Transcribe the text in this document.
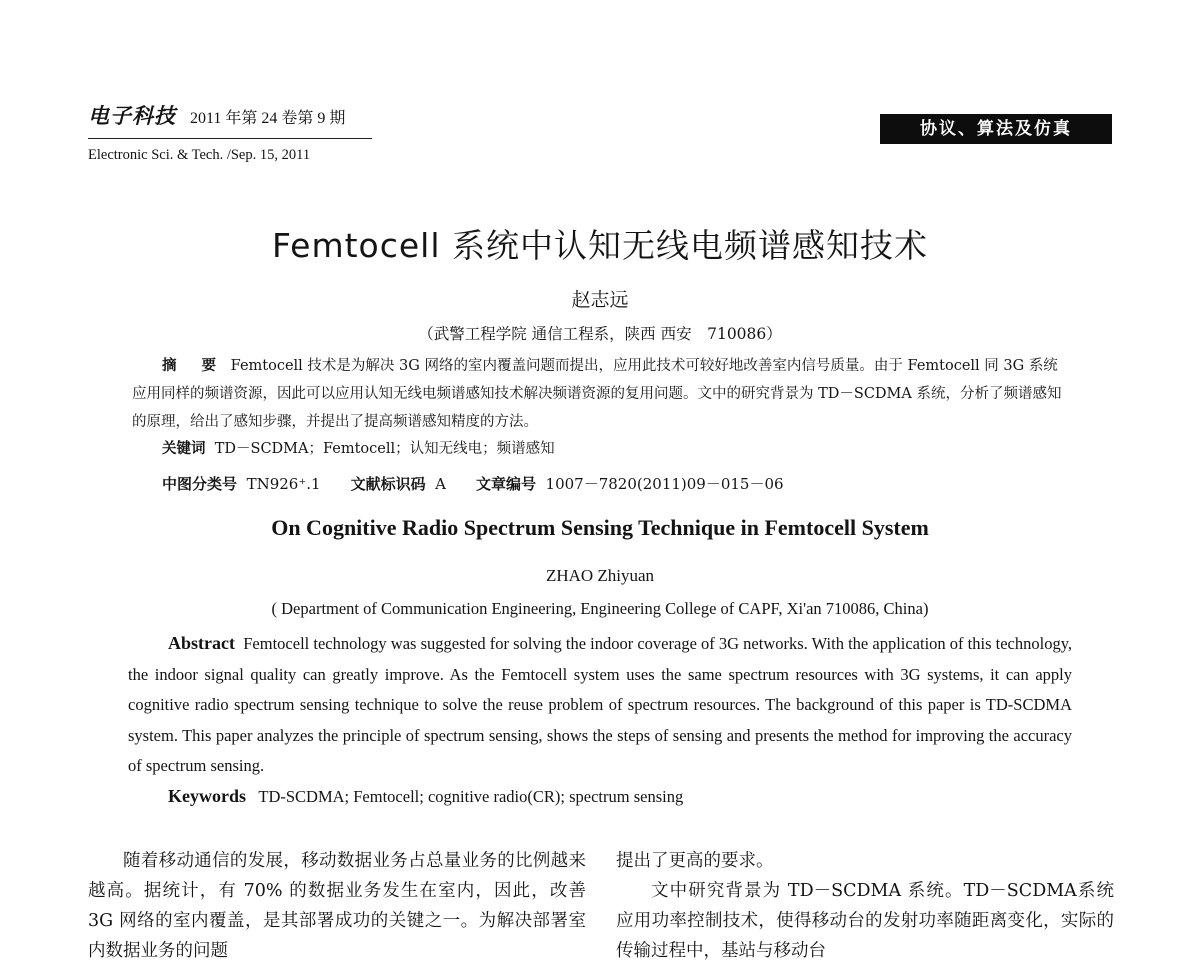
电子科技 2011 年第 24 卷第 9 期
Electronic Sci. & Tech. /Sep. 15, 2011
协议、算法及仿真
Femtocell 系统中认知无线电频谱感知技术
赵志远
（武警工程学院 通信工程系，陕西 西安　710086）
摘 要 Femtocell 技术是为解决 3G 网络的室内覆盖问题而提出，应用此技术可较好地改善室内信号质量。由于 Femtocell 同 3G 系统应用同样的频谱资源，因此可以应用认知无线电频谱感知技术解决频谱资源的复用问题。文中的研究背景为 TD－SCDMA 系统，分析了频谱感知的原理，给出了感知步骤，并提出了提高频谱感知精度的方法。
关键词 TD－SCDMA；Femtocell；认知无线电；频谱感知
中图分类号 TN926⁺.1 文献标识码 A 文章编号 1007－7820(2011)09－015－06
On Cognitive Radio Spectrum Sensing Technique in Femtocell System
ZHAO Zhiyuan
( Department of Communication Engineering, Engineering College of CAPF, Xi'an 710086, China)
Abstract Femtocell technology was suggested for solving the indoor coverage of 3G networks. With the application of this technology, the indoor signal quality can greatly improve. As the Femtocell system uses the same spectrum resources with 3G systems, it can apply cognitive radio spectrum sensing technique to solve the reuse problem of spectrum resources. The background of this paper is TD-SCDMA system. This paper analyzes the principle of spectrum sensing, shows the steps of sensing and presents the method for improving the accuracy of spectrum sensing.
Keywords TD-SCDMA; Femtocell; cognitive radio(CR); spectrum sensing
随着移动通信的发展，移动数据业务占总量业务的比例越来越高。据统计，有 70% 的数据业务发生在室内，因此，改善 3G 网络的室内覆盖，是其部署成功的关键之一。为解决部署室内数据业务的问题

提出了更高的要求。

文中研究背景为 TD－SCDMA 系统。TD－SCDMA系统应用功率控制技术，使得移动台的发射功率随距离变化，实际的传输过程中，基站与移动台
